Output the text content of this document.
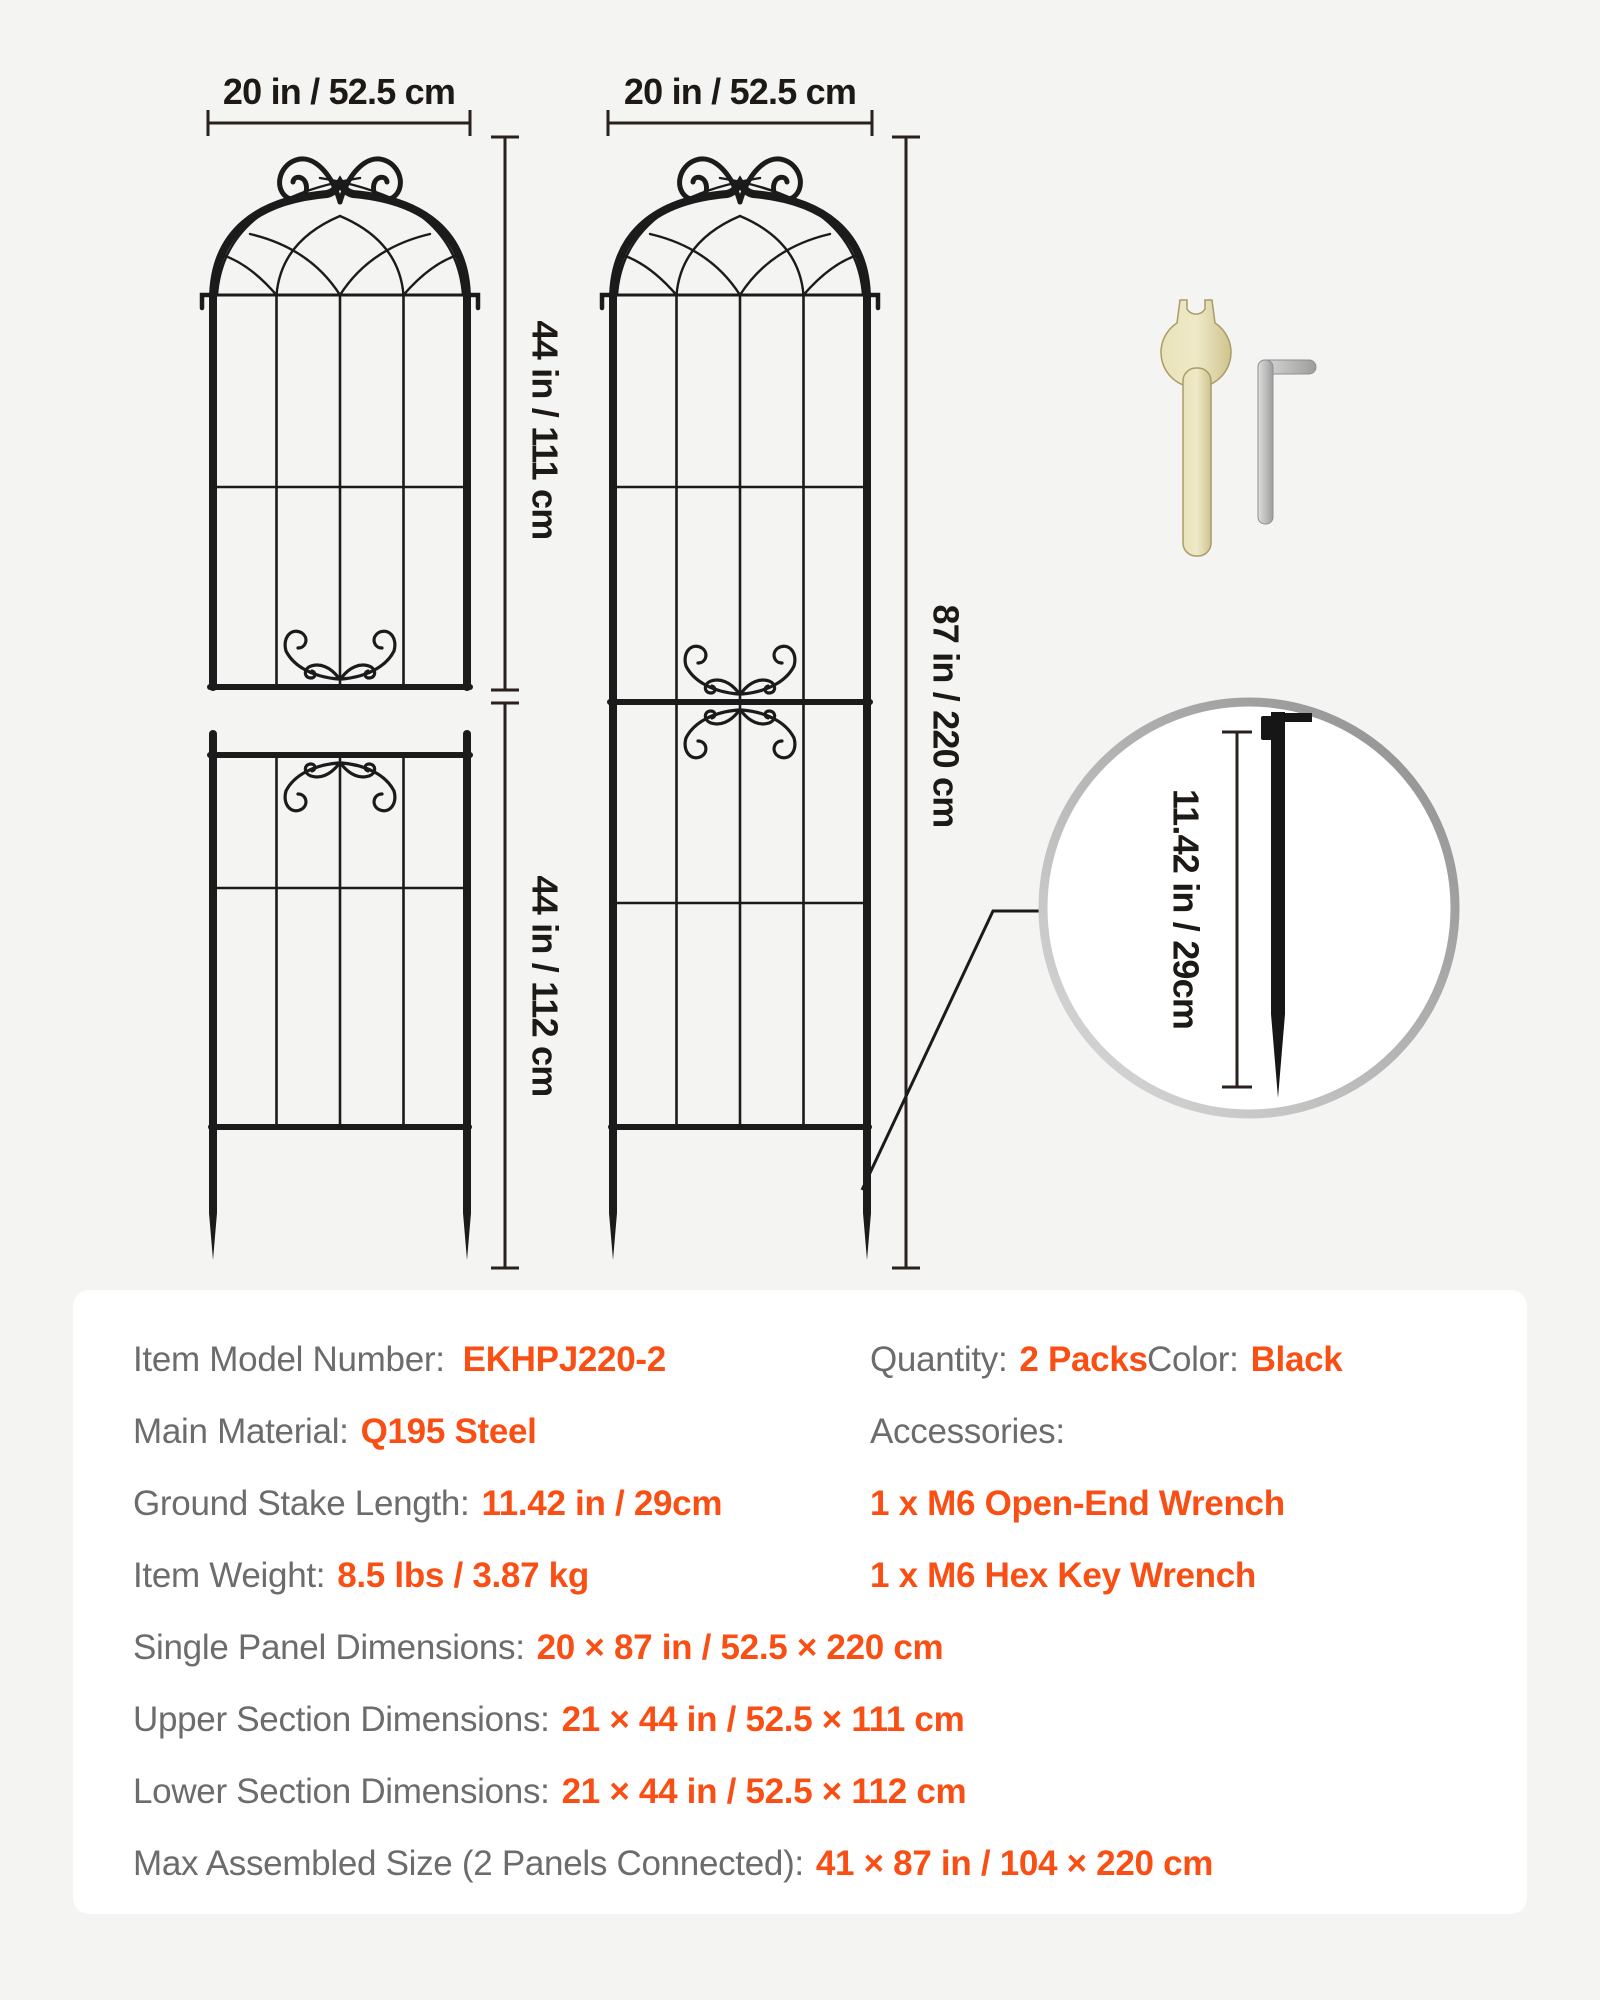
20 in / 52.5 cm	20 in / 52.5 cm
44 in / 111 cm
44 in / 112 cm
87 in / 220 cm
11.42 in / 29cm
Item Model Number: EKHPJ220-2
Main Material: Q195 Steel
Ground Stake Length: 11.42 in / 29cm
Item Weight: 8.5 lbs / 3.87 kg
Single Panel Dimensions: 20 × 87 in / 52.5 × 220 cm
Upper Section Dimensions: 21 × 44 in / 52.5 × 111 cm
Lower Section Dimensions: 21 × 44 in / 52.5 × 112 cm
Max Assembled Size (2 Panels Connected): 41 × 87 in / 104 × 220 cm
Quantity: 2 Packs Color: Black
Accessories:
1 x M6 Open-End Wrench
1 x M6 Hex Key Wrench
